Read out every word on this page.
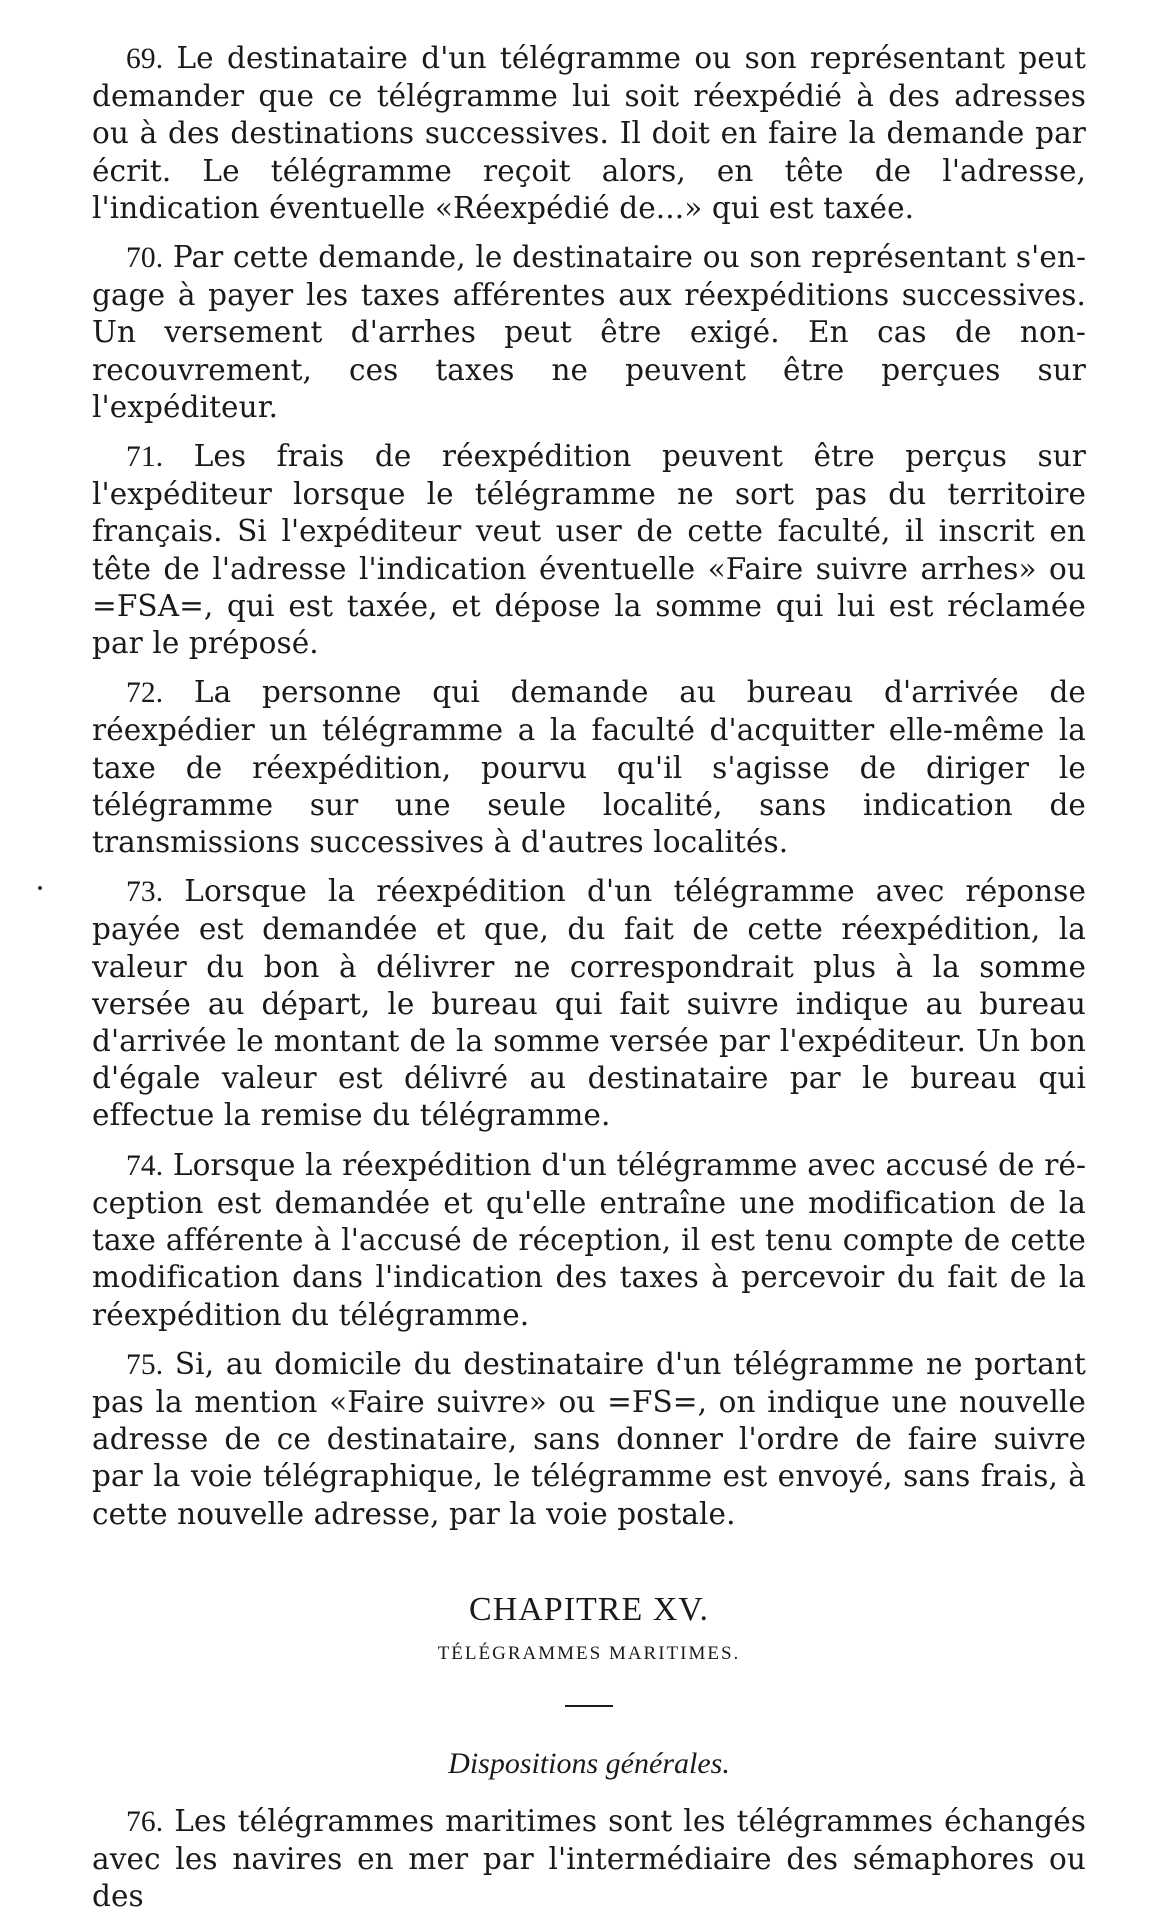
69. Le destinataire d'un télégramme ou son représentant peut demander que ce télégramme lui soit réexpédié à des adresses ou à des destinations successives. Il doit en faire la demande par écrit. Le télégramme reçoit alors, en tête de l'adresse, l'indication éventuelle «Réexpédié de...» qui est taxée.

70. Par cette demande, le destinataire ou son représentant s'engage à payer les taxes afférentes aux réexpéditions successives. Un versement d'arrhes peut être exigé. En cas de non-recouvrement, ces taxes ne peuvent être perçues sur l'expéditeur.

71. Les frais de réexpédition peuvent être perçus sur l'expéditeur lorsque le télégramme ne sort pas du territoire français. Si l'expéditeur veut user de cette faculté, il inscrit en tête de l'adresse l'indication éventuelle «Faire suivre arrhes» ou =FSA=, qui est taxée, et dépose la somme qui lui est réclamée par le préposé.

72. La personne qui demande au bureau d'arrivée de réexpédier un télégramme a la faculté d'acquitter elle-même la taxe de réexpédition, pourvu qu'il s'agisse de diriger le télégramme sur une seule localité, sans indication de transmissions successives à d'autres localités.

73. Lorsque la réexpédition d'un télégramme avec réponse payée est demandée et que, du fait de cette réexpédition, la valeur du bon à délivrer ne correspondrait plus à la somme versée au départ, le bureau qui fait suivre indique au bureau d'arrivée le montant de la somme versée par l'expéditeur. Un bon d'égale valeur est délivré au destinataire par le bureau qui effectue la remise du télégramme.

74. Lorsque la réexpédition d'un télégramme avec accusé de réception est demandée et qu'elle entraîne une modification de la taxe afférente à l'accusé de réception, il est tenu compte de cette modification dans l'indication des taxes à percevoir du fait de la réexpédition du télégramme.

75. Si, au domicile du destinataire d'un télégramme ne portant pas la mention «Faire suivre» ou =FS=, on indique une nouvelle adresse de ce destinataire, sans donner l'ordre de faire suivre par la voie télégraphique, le télégramme est envoyé, sans frais, à cette nouvelle adresse, par la voie postale.

CHAPITRE XV.
TÉLÉGRAMMES MARITIMES.
Dispositions générales.

76. Les télégrammes maritimes sont les télégrammes échangés avec les navires en mer par l'intermédiaire des sémaphores ou des
